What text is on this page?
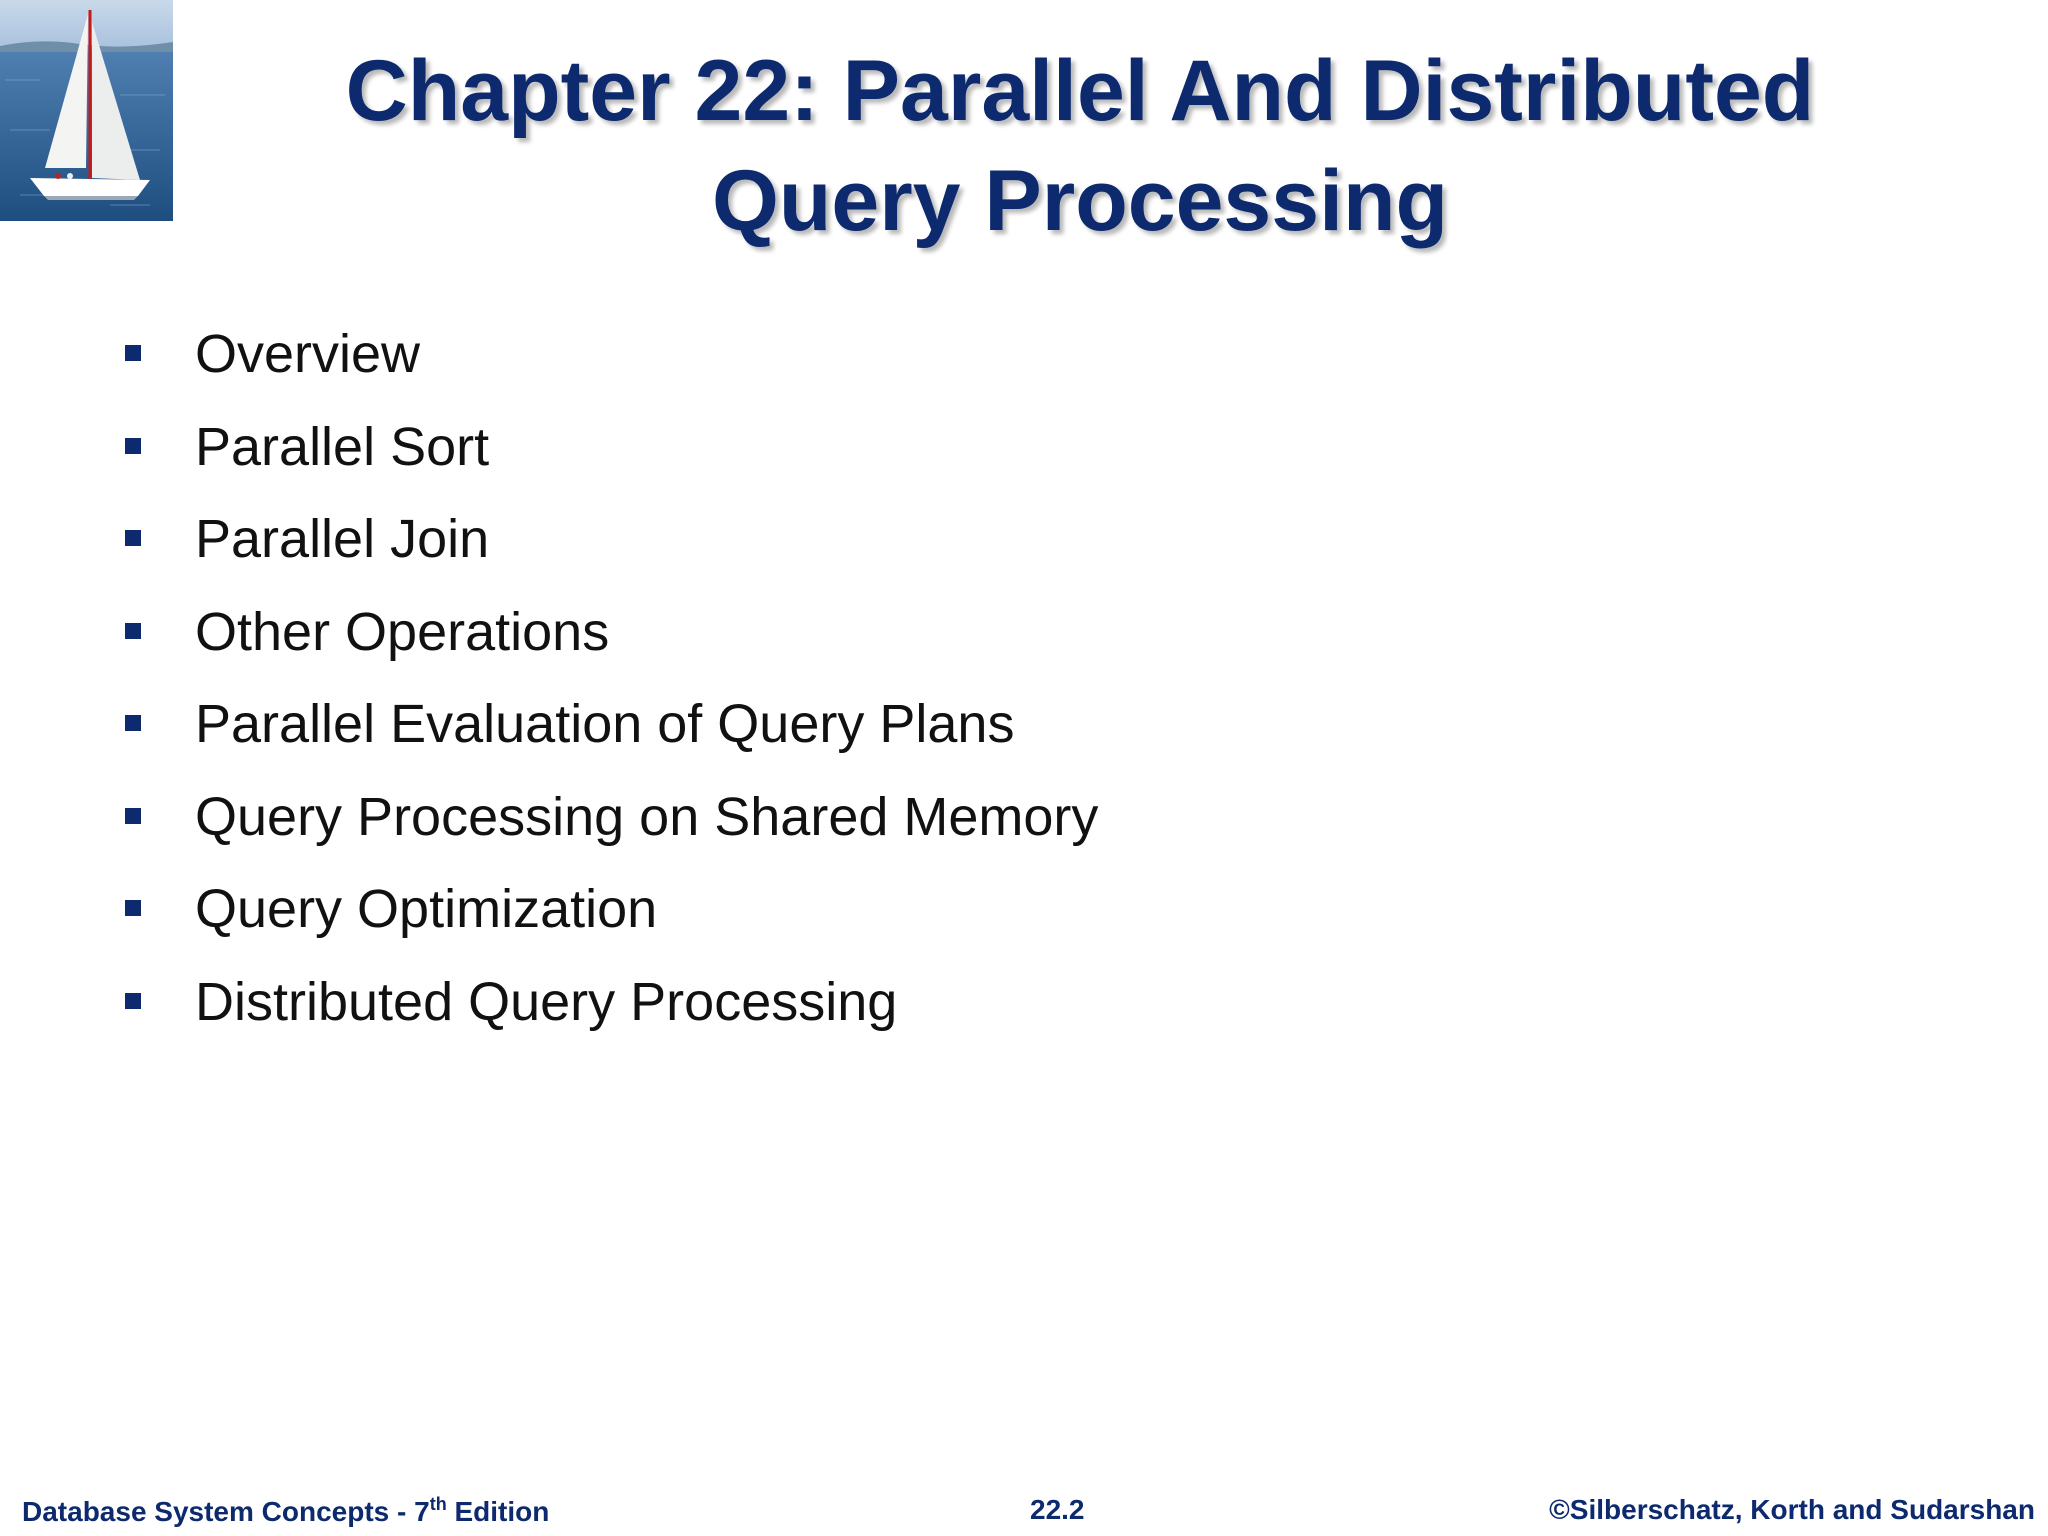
Chapter 22: Parallel And Distributed
Query Processing
Overview
Parallel Sort
Parallel Join
Other Operations
Parallel Evaluation of Query Plans
Query Processing on Shared Memory
Query Optimization
Distributed Query Processing
Database System Concepts - 7th Edition	22.2	©Silberschatz, Korth and Sudarshan
